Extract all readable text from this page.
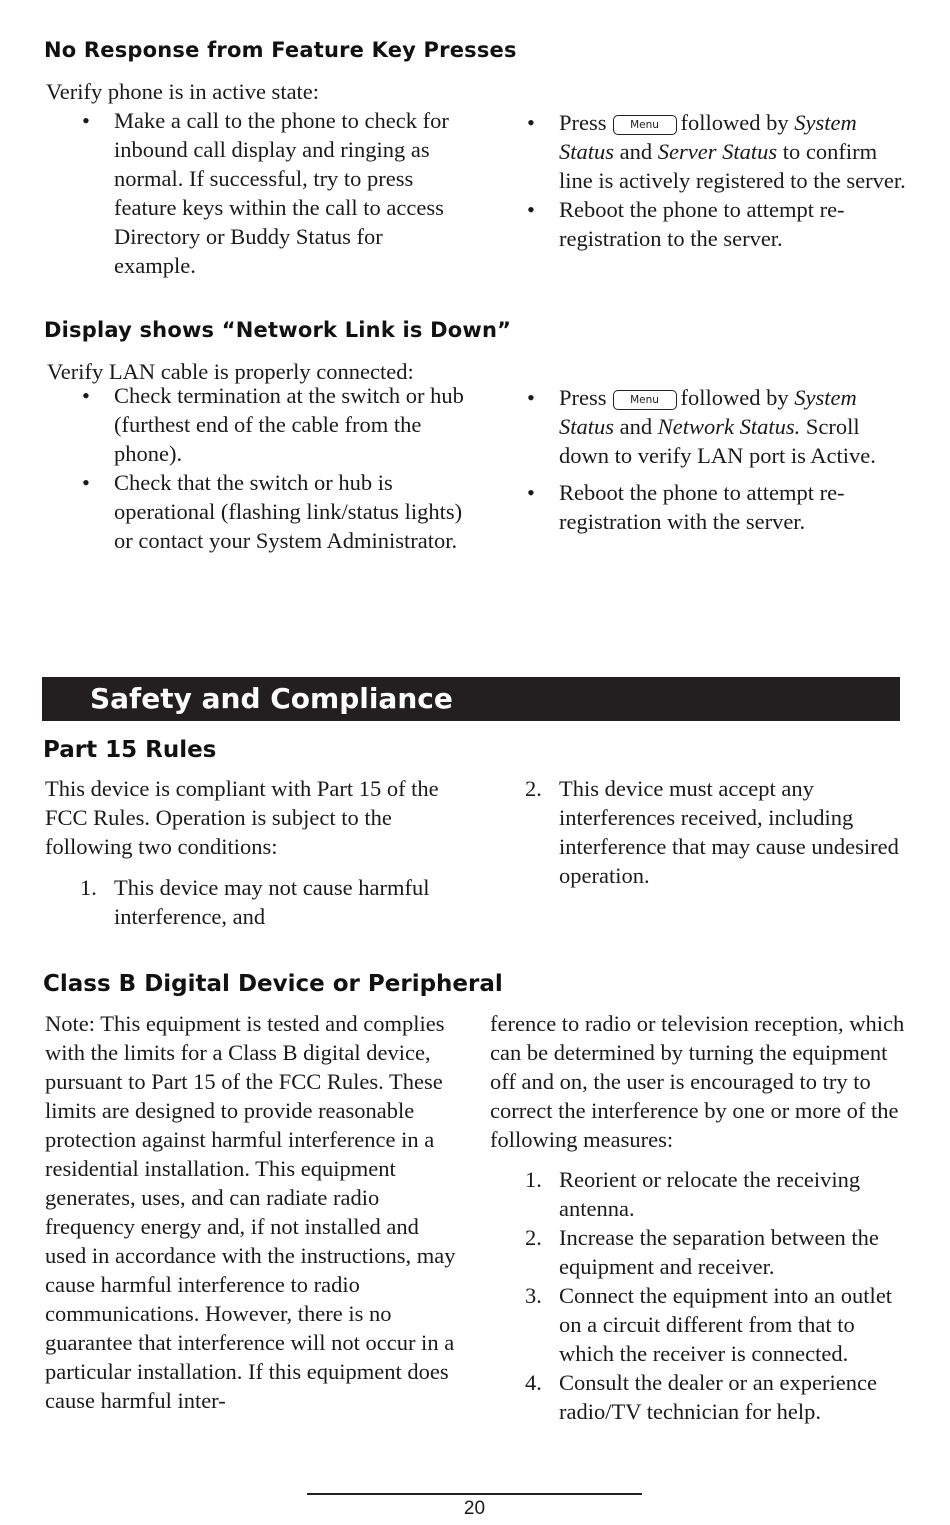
No Response from Feature Key Presses

Verify phone is in active state:

• Make a call to the phone to check for inbound call display and ringing as normal. If successful, try to press feature keys within the call to access Directory or Buddy Status for example.
• Press Menu followed by System Status and Server Status to confirm line is actively registered to the server.
• Reboot the phone to attempt re-registration to the server.
Display shows “Network Link is Down”

Verify LAN cable is properly connected:

• Check termination at the switch or hub (furthest end of the cable from the phone).
• Check that the switch or hub is operational (flashing link/status lights) or contact your System Administrator.
• Press Menu followed by System Status and Network Status. Scroll down to verify LAN port is Active.
• Reboot the phone to attempt re-registration with the server.
Safety and Compliance
Part 15 Rules

This device is compliant with Part 15 of the FCC Rules. Operation is subject to the following two conditions:

1. This device may not cause harmful interference, and
2. This device must accept any interferences received, including interference that may cause undesired operation.
Class B Digital Device or Peripheral

Note: This equipment is tested and complies with the limits for a Class B digital device, pursuant to Part 15 of the FCC Rules. These limits are designed to provide reasonable protection against harmful interference in a residential installation. This equipment generates, uses, and can radiate radio frequency energy and, if not installed and used in accordance with the instructions, may cause harmful interference to radio communications. However, there is no guarantee that interference will not occur in a particular installation. If this equipment does cause harmful inter-

ference to radio or television reception, which can be determined by turning the equipment off and on, the user is encouraged to try to correct the interference by one or more of the following measures:

1. Reorient or relocate the receiving antenna.
2. Increase the separation between the equipment and receiver.
3. Connect the equipment into an outlet on a circuit different from that to which the receiver is connected.
4. Consult the dealer or an experience radio/TV technician for help.
20
